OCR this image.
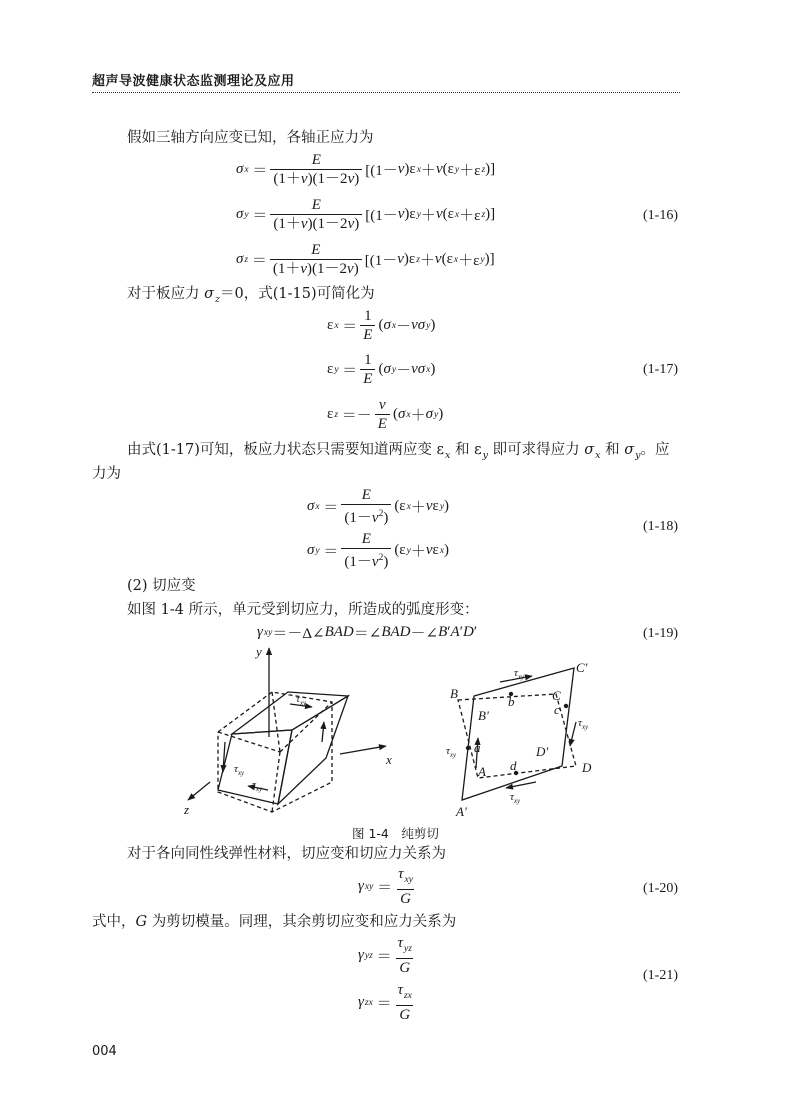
超声导波健康状态监测理论及应用
假如三轴方向应变已知，各轴正应力为
σ $x = \frac{E}{(1+v)(1-2v)} [(1- v$ )ε x ＋ v (ε y ＋ε z )]
σ $y = \frac{E}{(1+v)(1-2v)} [(1- v$ )ε y ＋ v (ε x ＋ε z )]
σ $z = \frac{E}{(1+v)(1-2v)} [(1- v$ )ε z ＋ v (ε x ＋ε y )]
(1-16)
对于板应力 $\sigma_z=0$，式(1-15)可简化为
ε $x = \frac{1}{E}$ ( σ x － vσ y )
ε $y = \frac{1}{E}$ ( σ y － vσ x )
ε $z =- \frac{v}{E}$ ( σ x ＋ σ y )
(1-17)
由式(1-17)可知，板应力状态只需要知道两应变 $\varepsilon_x$ 和 $\varepsilon_y$ 即可求得应力 $\sigma_x$ 和 $\sigma_y$。应
力为
σ $x = \frac{E}{(1-v^2)} (\varepsilon$ x ＋ v ε y )
σ $y = \frac{E}{(1-v^2)} (\varepsilon$ y ＋ v ε x )
(1-18)
(2) 切应变
如图 1-4 所示，单元受到切应力，所造成的弧度形变：
γ xy ＝－Δ∠ BAD ＝∠ BAD －∠ B ′ A ′ D ′	(1-19)
y
x
z
$\tau_{xy}$
$\tau_{xy}$
$\tau_{xy}$
B
B'
b	C
C'
c
a
A
A'
d	D
D'
$\tau_{xy}$
$\tau_{xy}$
$\tau_{xy}$
$\tau_{xy}$
图 1-4　纯剪切
对于各向同性线弹性材料，切应变和切应力关系为
γ xy ＝ $\frac{\tau_{xy}}{G}$	(1-20)
式中，G 为剪切模量。同理，其余剪切应变和应力关系为
γ yz ＝ $\frac{\tau_{yz}}{G}$
γ zx ＝ $\frac{\tau_{zx}}{G}$
(1-21)
004
